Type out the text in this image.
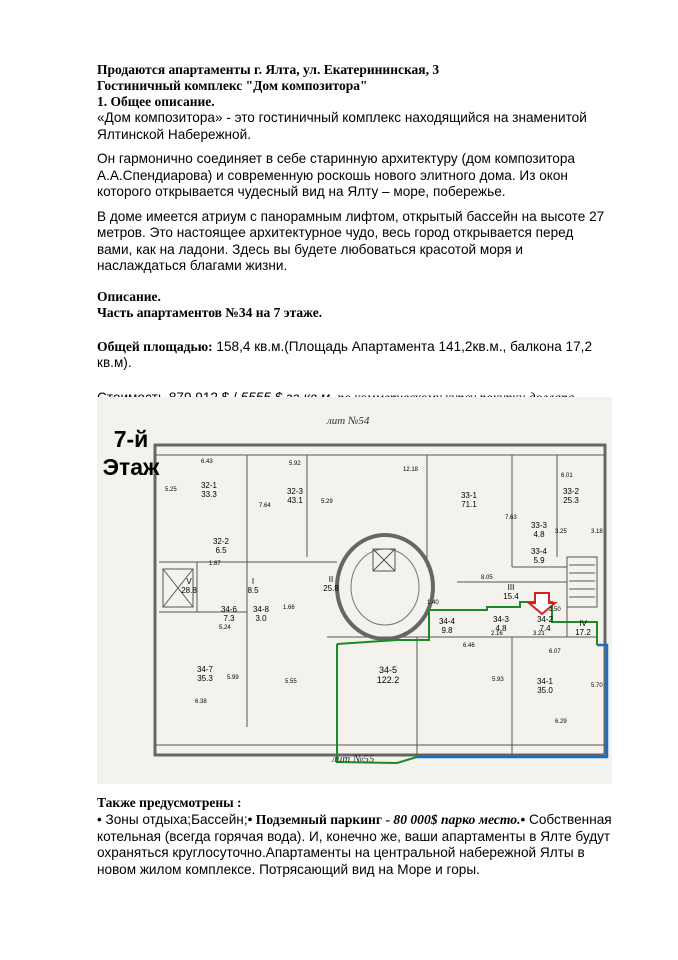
Продаются апартаменты г. Ялта, ул. Екатерининская, 3

Гостиничный комплекс "Дом композитора"

1. Общее описание.

«Дом композитора» - это гостиничный комплекс находящийся на знаменитой Ялтинской Набережной.

Он гармонично соединяет в себе старинную архитектуру (дом композитора А.А.Спендиарова) и современную роскошь нового элитного дома. Из окон которого открывается чудесный вид на Ялту – море, побережье.

В доме имеется атриум с панорамным лифтом, открытый бассейн на высоте 27 метров. Это настоящее архитектурное чудо, весь город открывается перед вами, как на ладони. Здесь вы будете любоваться красотой моря и наслаждаться благами жизни.

Описание.

Часть апартаментов №34 на 7 этаже.

Общей площадью: 158,4 кв.м.(Площадь Апартамента 141,2кв.м., балкона 17,2 кв.м).

7-й
Этаж
лит №54
лит №55
32-1
33.3	32-3
43.1
33-1
71.1
33-2
25.3
32-2
6.5
33-3
4.8
33-4
5.9
V
28.8
I
8.5
II
25.8	III
15.4
IV
17.2
34-6
7.3
34-8
3.0	34-4
9.8
34-3
4.8
34-2
7.4
34-5
122.2
34-7
35.3	34-1
35.0
6.43	5.92
12.18
6.01
5.25
7.64
5.29
7.63
3.18
3.25
8.05
1.40
6.46
5.93
6.07
5.70
6.29
6.38
5.99
2.16	3.21
5.24
1.66	2.50
5.55
1.87

Также предусмотрены :

• Зоны отдыха;Бассейн;• Подземный паркинг - 80 000$ парко место.• Собственная котельная (всегда горячая вода). И, конечно же, ваши апартаменты в Ялте будут охраняться круглосуточно.Апартаменты на центральной набережной Ялты в новом жилом комплексе. Потрясающий вид на Море и горы.
